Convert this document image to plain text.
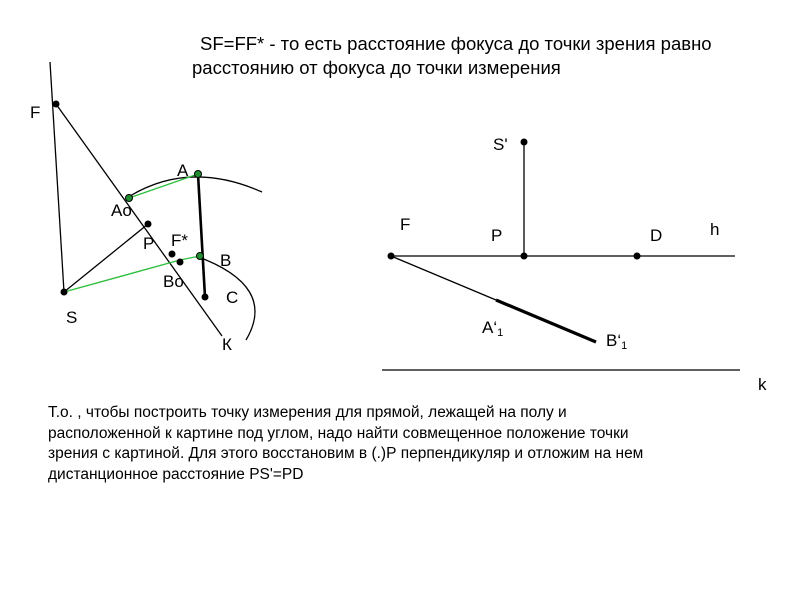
SF=FF* - то есть расстояние фокуса до точки зрения равно
расстоянию от фокуса до точки измерения
F
A
Ao
P F*
B
Bo
C
S
К
S'
F
P	D	h
A‘1	B‘1
k
Т.о. , чтобы построить точку измерения для прямой, лежащей на полу и
расположенной к картине под углом, надо найти совмещенное положение точки
зрения с картиной. Для этого восстановим в (.)Р перпендикуляр и отложим на нем
дистанционное расстояние PS'=PD
